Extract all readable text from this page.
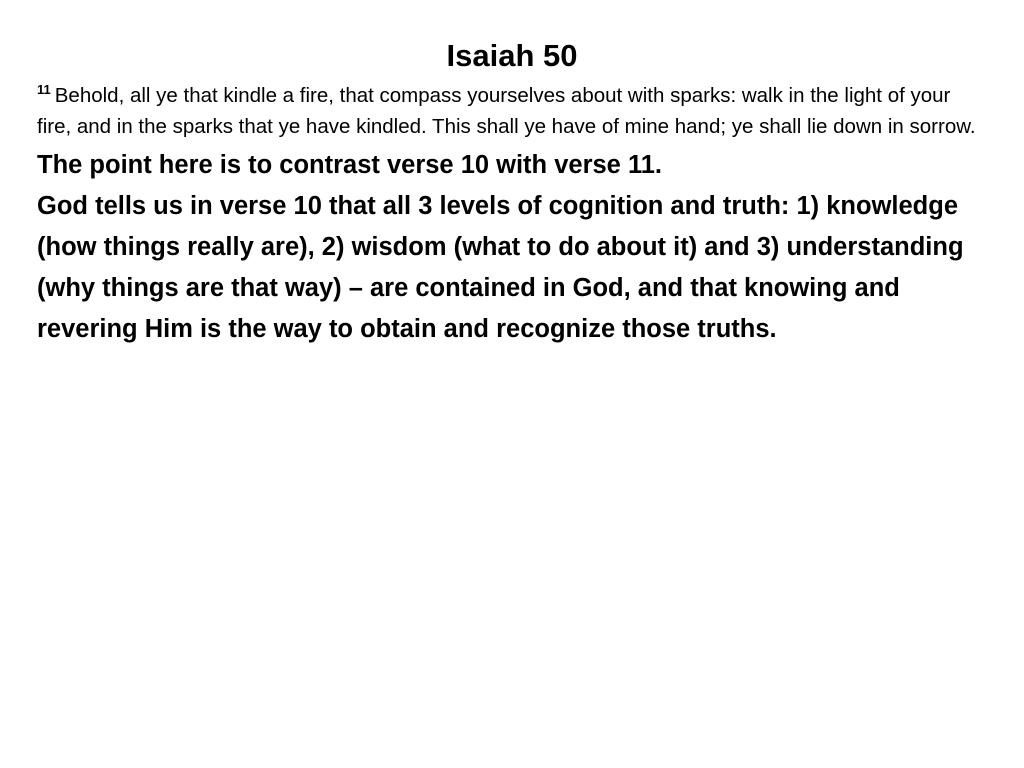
Isaiah 50

$^{11}$ Behold, all ye that kindle a fire, that compass yourselves about with sparks: walk in the light of your fire, and in the sparks that ye have kindled. This shall ye have of mine hand; ye shall lie down in sorrow.

The point here is to contrast verse 10 with verse 11.

God tells us in verse 10 that all 3 levels of cognition and truth: 1) knowledge (how things really are), 2) wisdom (what to do about it) and 3) understanding (why things are that way) – are contained in God, and that knowing and revering Him is the way to obtain and recognize those truths.
